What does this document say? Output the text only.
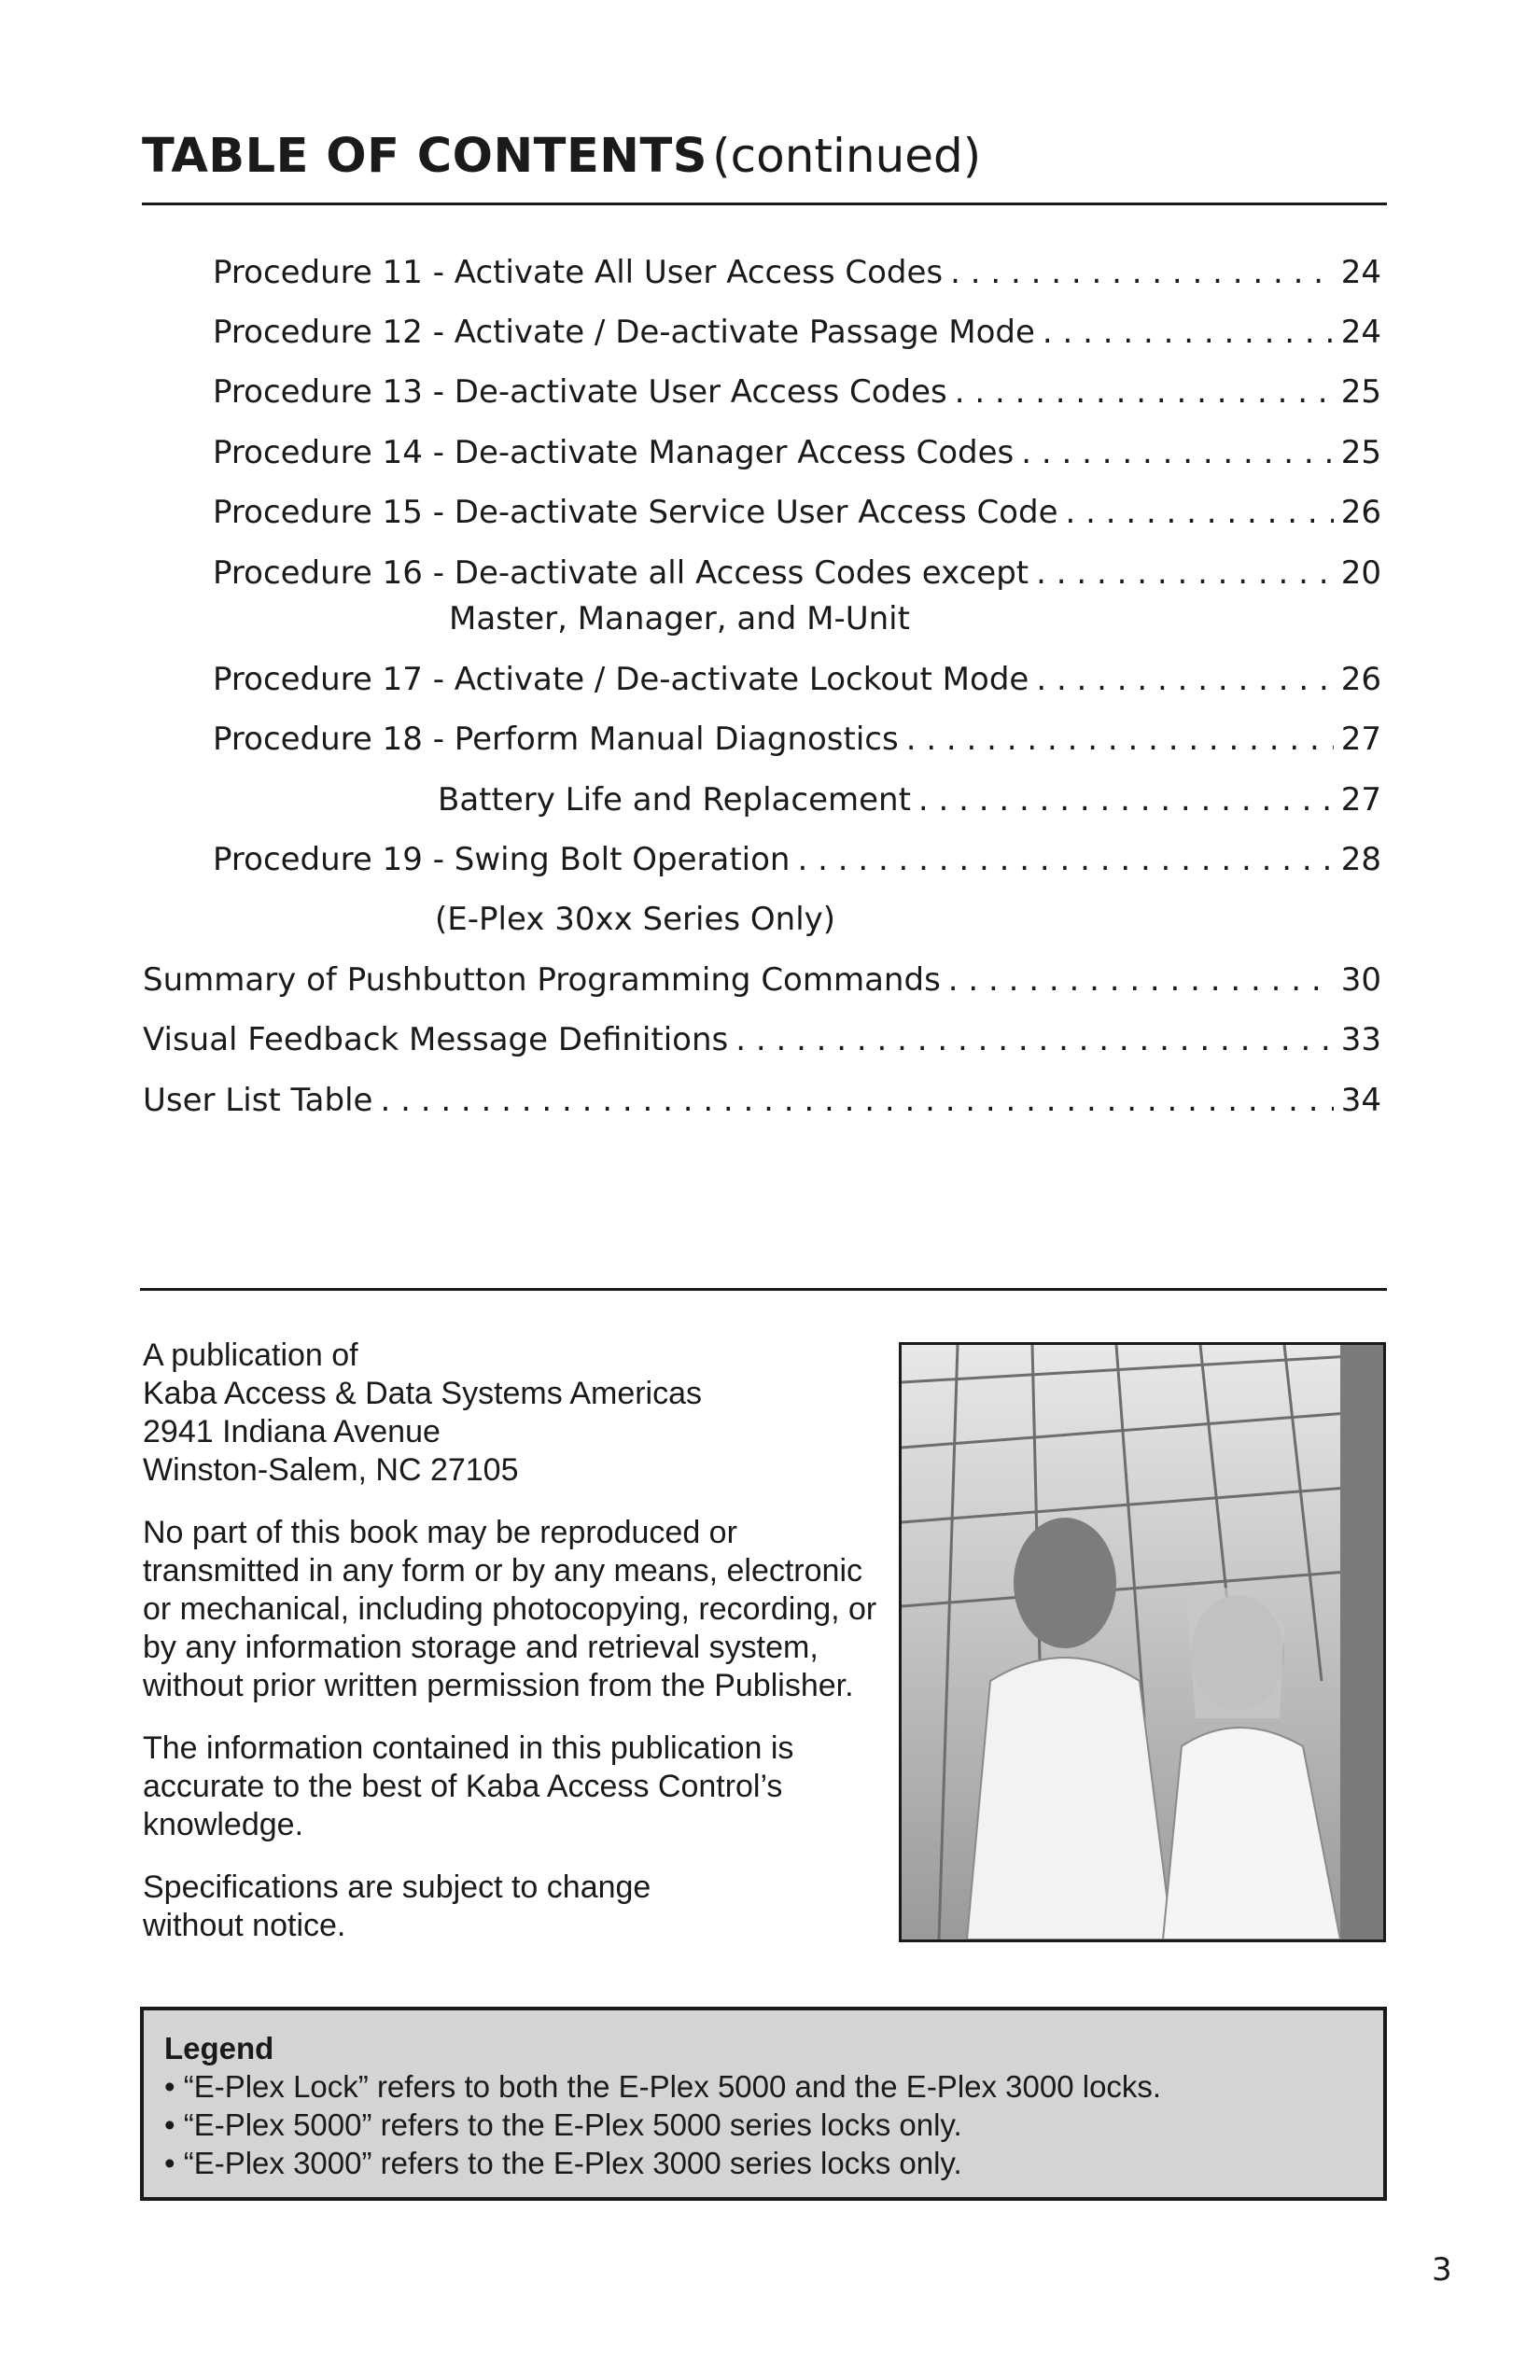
TABLE OF CONTENTS (continued)
Procedure 11 - Activate All User Access Codes . . .	24
Procedure 12 - Activate / De-activate Passage Mode . . .	24
Procedure 13 - De-activate User Access Codes . . .	25
Procedure 14 - De-activate Manager Access Codes . . .	25
Procedure 15 - De-activate Service User Access Code . . .	26
Procedure 16 - De-activate all Access Codes except . . .	20
Master, Manager, and M-Unit
Procedure 17 - Activate / De-activate Lockout Mode . . .	26
Procedure 18 - Perform Manual Diagnostics . . .	27
Battery Life and Replacement . . .	27
Procedure 19 - Swing Bolt Operation . . .	28
(E-Plex 30xx Series Only)
Summary of Pushbutton Programming Commands . . .	30
Visual Feedback Message Definitions . . .	33
User List Table . . .	34

A publication of
Kaba Access & Data Systems Americas
2941 Indiana Avenue
Winston-Salem, NC 27105

No part of this book may be reproduced or transmitted in any form or by any means, electronic or mechanical, including photocopying, recording, or by any information storage and retrieval system, without prior written permission from the Publisher.

The information contained in this publication is accurate to the best of Kaba Access Control’s knowledge.

Specifications are subject to change without notice.

Legend
• “E-Plex Lock” refers to both the E-Plex 5000 and the E-Plex 3000 locks.
• “E-Plex 5000” refers to the E-Plex 5000 series locks only.
• “E-Plex 3000” refers to the E-Plex 3000 series locks only.
3
